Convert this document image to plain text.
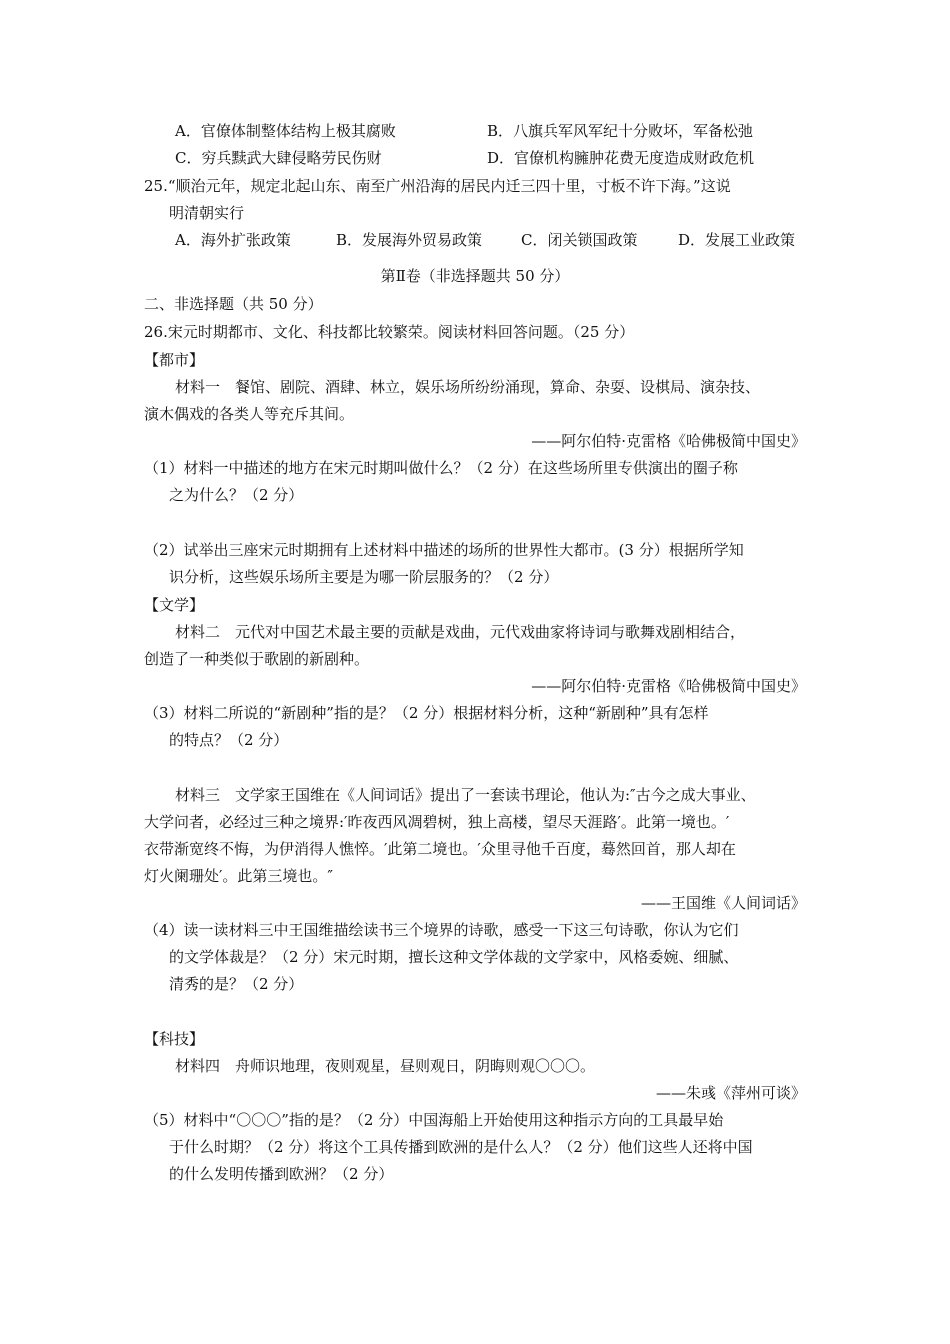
A．官僚体制整体结构上极其腐败	B．八旗兵军风军纪十分败坏，军备松弛
C．穷兵黩武大肆侵略劳民伤财	D．官僚机构臃肿花费无度造成财政危机
25.“顺治元年，规定北起山东、南至广州沿海的居民内迁三四十里，寸板不许下海。”这说
明清朝实行
A．海外扩张政策	B．发展海外贸易政策	C．闭关锁国政策	D．发展工业政策
第Ⅱ卷（非选择题共 50 分）
二、非选择题（共 50 分）
26.宋元时期都市、文化、科技都比较繁荣。阅读材料回答问题。（25 分）
【都市】
材料一　餐馆、剧院、酒肆、林立，娱乐场所纷纷涌现，算命、杂耍、设棋局、演杂技、
演木偶戏的各类人等充斥其间。
——阿尔伯特·克雷格《哈佛极简中国史》
（1）材料一中描述的地方在宋元时期叫做什么？（2 分）在这些场所里专供演出的圈子称
之为什么？（2 分）
（2）试举出三座宋元时期拥有上述材料中描述的场所的世界性大都市。(3 分）根据所学知
识分析，这些娱乐场所主要是为哪一阶层服务的？（2 分）
【文学】
材料二　元代对中国艺术最主要的贡献是戏曲，元代戏曲家将诗词与歌舞戏剧相结合，
创造了一种类似于歌剧的新剧种。
——阿尔伯特·克雷格《哈佛极简中国史》
（3）材料二所说的“新剧种”指的是？（2 分）根据材料分析，这种“新剧种”具有怎样
的特点？（2 分）
材料三　文学家王国维在《人间词话》提出了一套读书理论，他认为:″古今之成大事业、
大学问者，必经过三种之境界:′昨夜西风凋碧树，独上高楼，望尽天涯路′。此第一境也。′
衣带渐宽终不悔，为伊消得人憔悴。′此第二境也。′众里寻他千百度，蓦然回首，那人却在
灯火阑珊处′。此第三境也。″
——王国维《人间词话》
（4）读一读材料三中王国维描绘读书三个境界的诗歌，感受一下这三句诗歌，你认为它们
的文学体裁是？（2 分）宋元时期，擅长这种文学体裁的文学家中，风格委婉、细腻、
清秀的是？（2 分）
【科技】
材料四　舟师识地理，夜则观星，昼则观日，阴晦则观〇〇〇。
——朱彧《萍州可谈》
（5）材料中“〇〇〇”指的是？（2 分）中国海船上开始使用这种指示方向的工具最早始
于什么时期？（2 分）将这个工具传播到欧洲的是什么人？（2 分）他们这些人还将中国
的什么发明传播到欧洲？（2 分）
